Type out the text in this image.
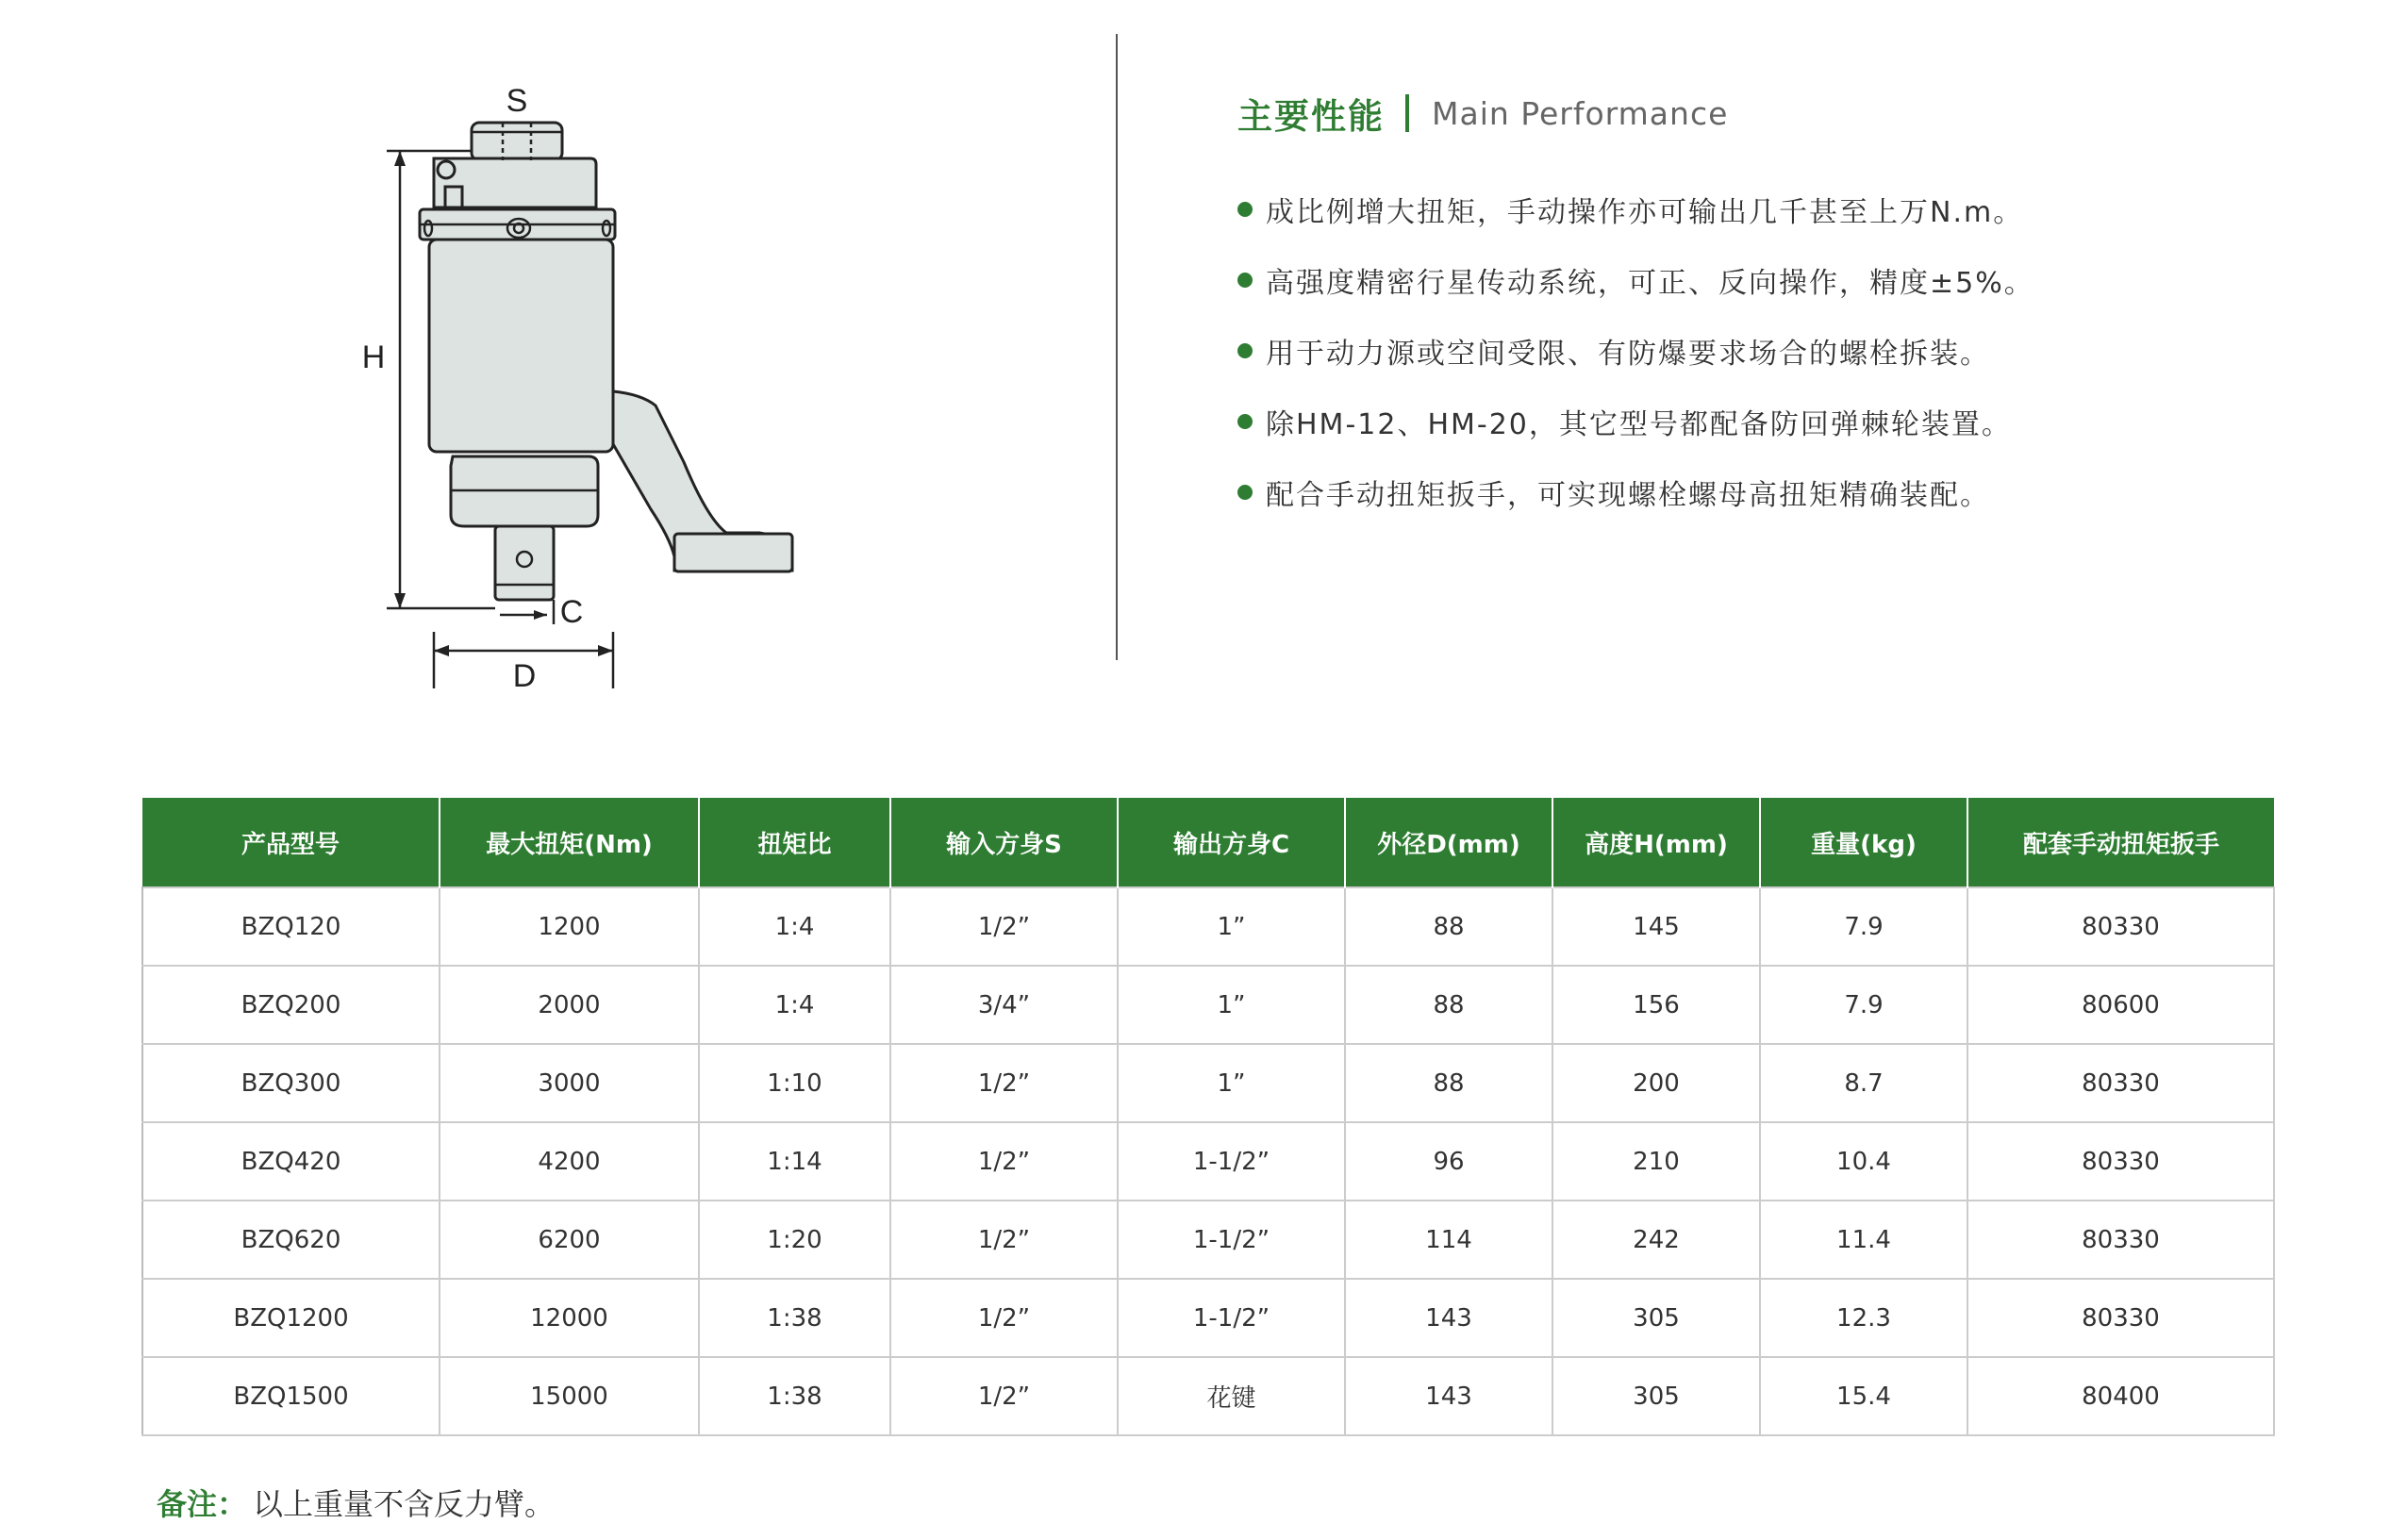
S
H
C
D
主要性能 Main Performance
成比例增大扭矩，手动操作亦可输出几千甚至上万N.m。
高强度精密行星传动系统，可正、反向操作，精度±5%。
用于动力源或空间受限、有防爆要求场合的螺栓拆装。
除HM-12、HM-20，其它型号都配备防回弹棘轮装置。
配合手动扭矩扳手，可实现螺栓螺母高扭矩精确装配。
产品型号	最大扭矩(Nm)	扭矩比	输入方身S	输出方身C	外径D(mm)	高度H(mm)	重量(kg)	配套手动扭矩扳手
BZQ120	1200	1:4	1/2”	1”	88	145	7.9	80330
BZQ200	2000	1:4	3/4”	1”	88	156	7.9	80600
BZQ300	3000	1:10	1/2”	1”	88	200	8.7	80330
BZQ420	4200	1:14	1/2”	1-1/2”	96	210	10.4	80330
BZQ620	6200	1:20	1/2”	1-1/2”	114	242	11.4	80330
BZQ1200	12000	1:38	1/2”	1-1/2”	143	305	12.3	80330
BZQ1500	15000	1:38	1/2”	花键	143	305	15.4	80400
备注： 以上重量不含反力臂。
